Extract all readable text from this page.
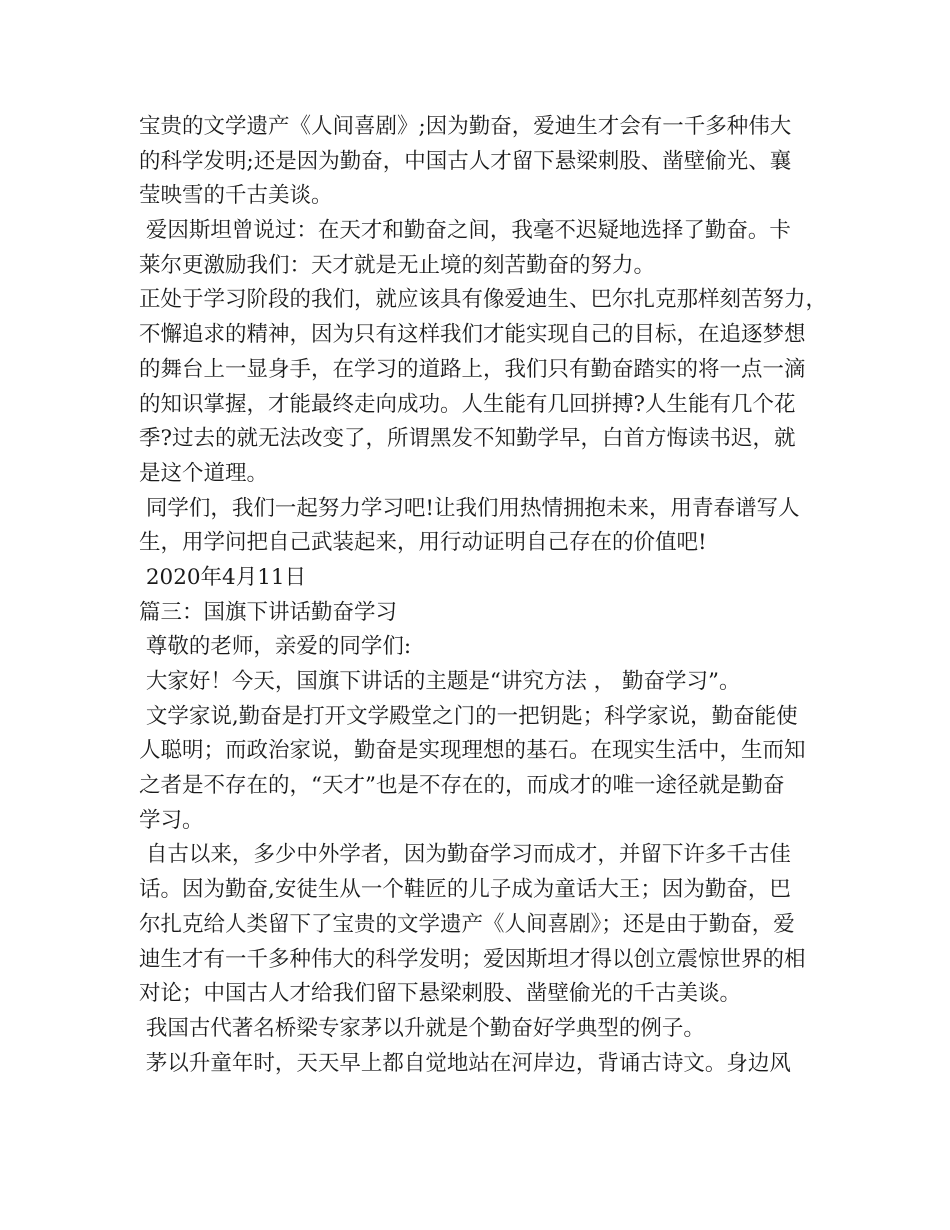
宝贵的文学遗产《人间喜剧》;因为勤奋，爱迪生才会有一千多种伟大
的科学发明;还是因为勤奋，中国古人才留下悬梁刺股、凿壁偷光、襄
莹映雪的千古美谈。
爱因斯坦曾说过：在天才和勤奋之间，我毫不迟疑地选择了勤奋。卡
莱尔更激励我们：天才就是无止境的刻苦勤奋的努力。
正处于学习阶段的我们，就应该具有像爱迪生、巴尔扎克那样刻苦努力，
不懈追求的精神，因为只有这样我们才能实现自己的目标，在追逐梦想
的舞台上一显身手，在学习的道路上，我们只有勤奋踏实的将一点一滴
的知识掌握，才能最终走向成功。人生能有几回拼搏?人生能有几个花
季?过去的就无法改变了，所谓黑发不知勤学早，白首方悔读书迟，就
是这个道理。
同学们，我们一起努力学习吧!让我们用热情拥抱未来，用青春谱写人
生，用学问把自己武装起来，用行动证明自己存在的价值吧!
2020年4月11日
篇三：国旗下讲话勤奋学习
尊敬的老师，亲爱的同学们:
大家好！今天，国旗下讲话的主题是“讲究方法 ， 勤奋学习”。
文学家说,勤奋是打开文学殿堂之门的一把钥匙；科学家说，勤奋能使
人聪明；而政治家说，勤奋是实现理想的基石。在现实生活中，生而知
之者是不存在的，“天才”也是不存在的，而成才的唯一途径就是勤奋
学习。
自古以来，多少中外学者，因为勤奋学习而成才，并留下许多千古佳
话。因为勤奋,安徒生从一个鞋匠的儿子成为童话大王；因为勤奋，巴
尔扎克给人类留下了宝贵的文学遗产《人间喜剧》；还是由于勤奋，爱
迪生才有一千多种伟大的科学发明；爱因斯坦才得以创立震惊世界的相
对论；中国古人才给我们留下悬梁刺股、凿壁偷光的千古美谈。
我国古代著名桥梁专家茅以升就是个勤奋好学典型的例子。
茅以升童年时，天天早上都自觉地站在河岸边，背诵古诗文。身边风
